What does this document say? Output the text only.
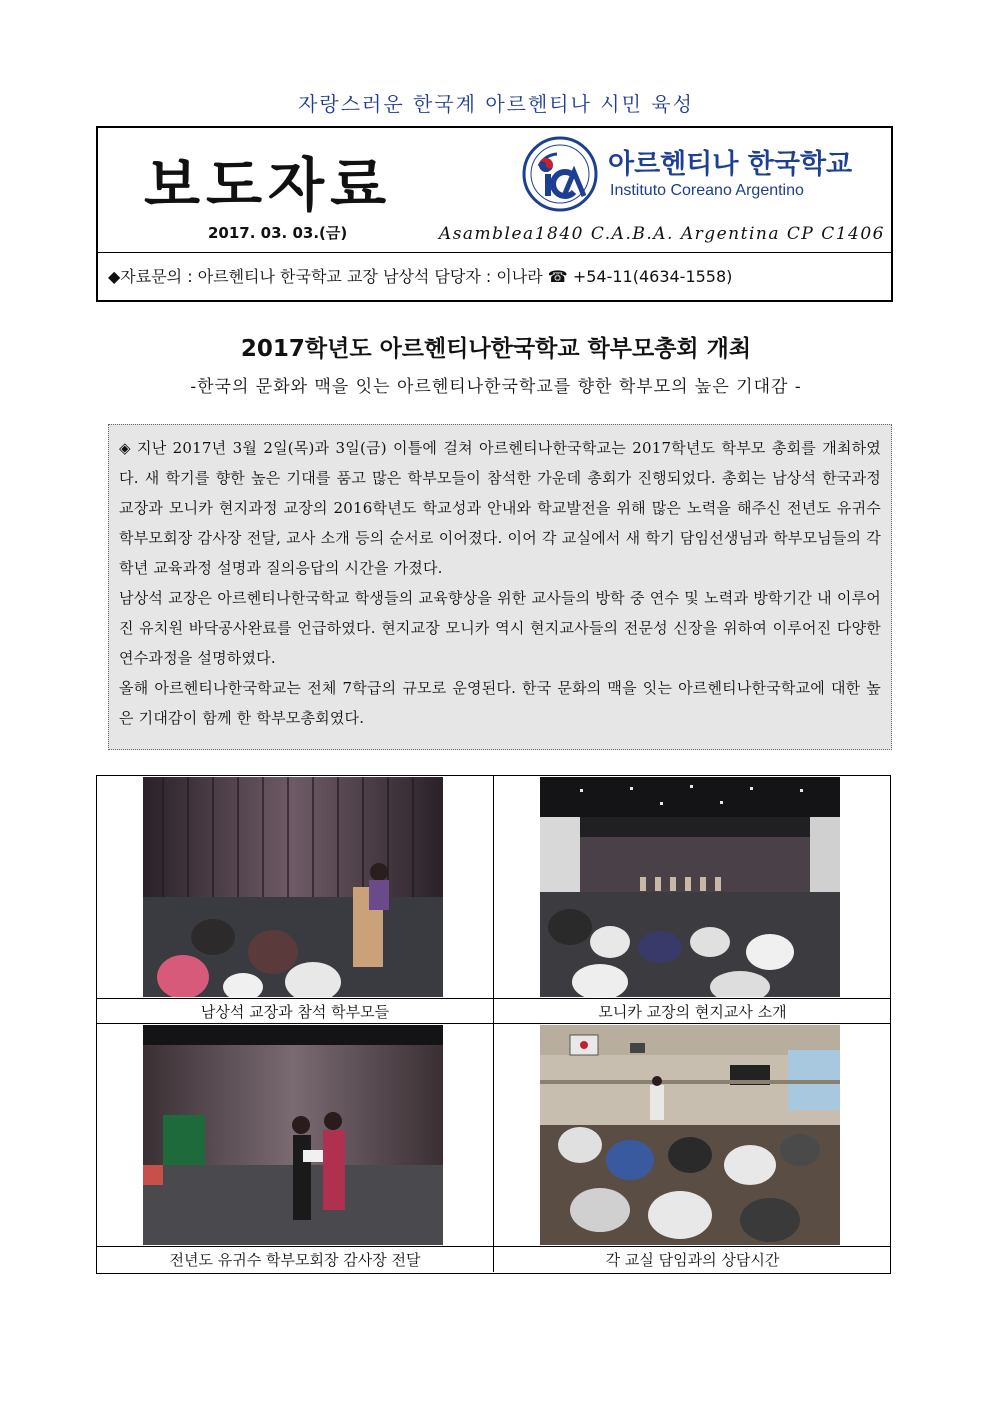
자랑스러운 한국계 아르헨티나 시민 육성
보도자료
2017. 03. 03.(금)
아르헨티나 한국학교
Instituto Coreano Argentino
Asamblea1840 C.A.B.A. Argentina CP C1406
◆자료문의 : 아르헨티나 한국학교 교장 남상석 담당자 : 이나라 ☎ +54-11(4634-1558)
2017학년도 아르헨티나한국학교 학부모총회 개최
-한국의 문화와 맥을 잇는 아르헨티나한국학교를 향한 학부모의 높은 기대감 -

◈ 지난 2017년 3월 2일(목)과 3일(금) 이틀에 걸쳐 아르헨티나한국학교는 2017학년도 학부모 총회를 개최하였다. 새 학기를 향한 높은 기대를 품고 많은 학부모들이 참석한 가운데 총회가 진행되었다. 총회는 남상석 한국과정 교장과 모니카 현지과정 교장의 2016학년도 학교성과 안내와 학교발전을 위해 많은 노력을 해주신 전년도 유귀수 학부모회장 감사장 전달, 교사 소개 등의 순서로 이어졌다. 이어 각 교실에서 새 학기 담임선생님과 학부모님들의 각 학년 교육과정 설명과 질의응답의 시간을 가졌다.

남상석 교장은 아르헨티나한국학교 학생들의 교육향상을 위한 교사들의 방학 중 연수 및 노력과 방학기간 내 이루어진 유치원 바닥공사완료를 언급하였다. 현지교장 모니카 역시 현지교사들의 전문성 신장을 위하여 이루어진 다양한 연수과정을 설명하였다.

올해 아르헨티나한국학교는 전체 7학급의 규모로 운영된다. 한국 문화의 맥을 잇는 아르헨티나한국학교에 대한 높은 기대감이 함께 한 학부모총회였다.

남상석 교장과 참석 학부모들	모니카 교장의 현지교사 소개
전년도 유귀수 학부모회장 감사장 전달	각 교실 담임과의 상담시간
